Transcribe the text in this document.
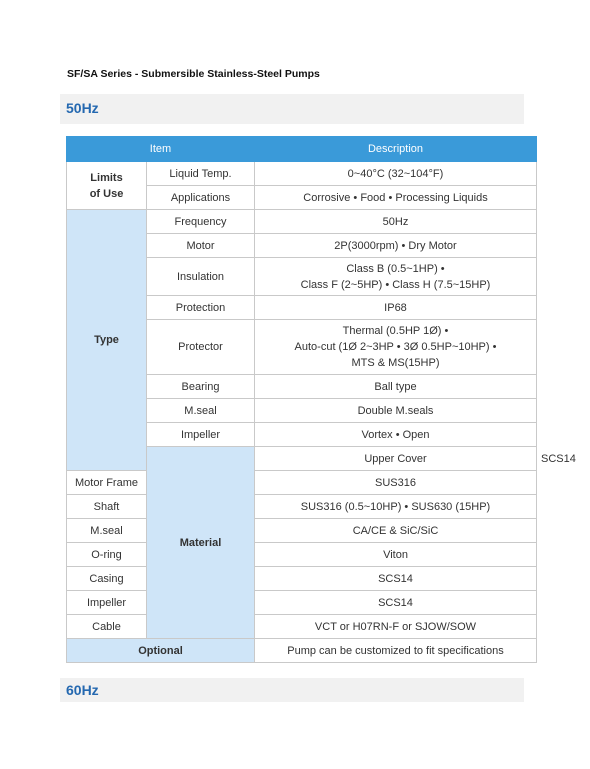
SF/SA Series - Submersible Stainless-Steel Pumps
50Hz
Item		Description	
Limits
of Use	Liquid Temp.	0~40°C (32~104°F)	
	Applications	Corrosive • Food • Processing Liquids	
Type	Frequency	50Hz	
	Motor	2P(3000rpm) • Dry Motor	
	Insulation	Class B (0.5~1HP) •
Class F (2~5HP) • Class H (7.5~15HP)	
	Protection	IP68	
	Protector	Thermal (0.5HP 1Ø) •
Auto-cut (1Ø 2~3HP • 3Ø 0.5HP~10HP) •
MTS & MS(15HP)	
	Bearing	Ball type	
	M.seal	Double M.seals	
	Impeller	Vortex • Open	
	Material	Upper Cover	SCS14
Motor Frame		SUS316	
Shaft		SUS316 (0.5~10HP) • SUS630 (15HP)	
M.seal		CA/CE & SiC/SiC	
O-ring		Viton	
Casing		SCS14	
Impeller		SCS14	
Cable		VCT or H07RN-F or SJOW/SOW	
Optional		Pump can be customized to fit specifications	
60Hz
